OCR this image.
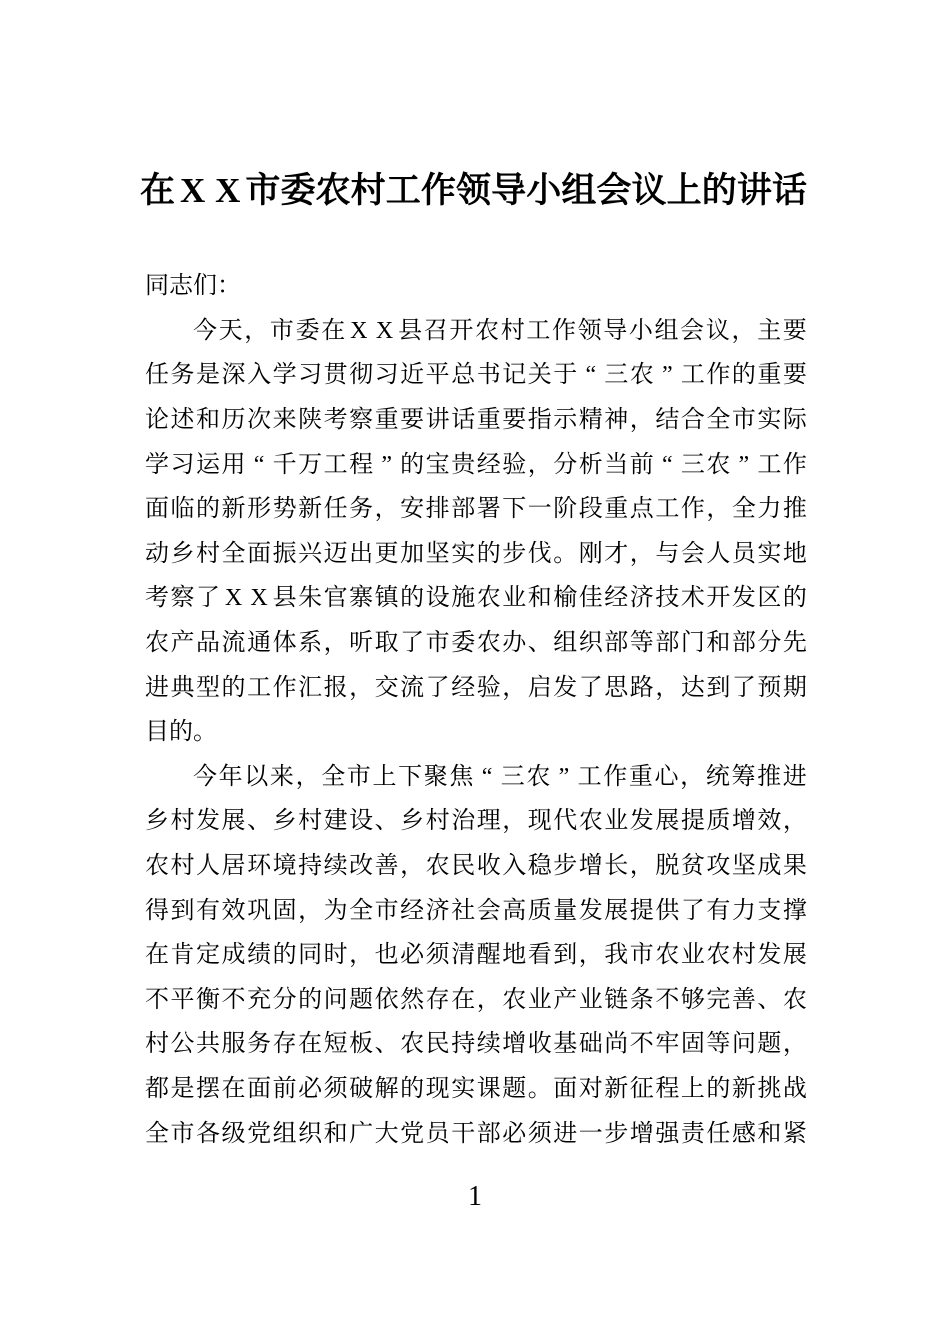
在 X X 市 委 农 村 工 作 领 导 小 组 会 议 上 的 讲 话
同 志 们 ：
今 天 ， 市 委 在 X X 县 召 开 农 村 工 作 领 导 小 组 会 议 ， 主 要
任 务 是 深 入 学 习 贯 彻 习 近 平 总 书 记 关 于 “ 三 农 ” 工 作 的 重 要
论 述 和 历 次 来 陕 考 察 重 要 讲 话 重 要 指 示 精 神 ， 结 合 全 市 实 际
学 习 运 用 “ 千 万 工 程 ” 的 宝 贵 经 验 ， 分 析 当 前 “ 三 农 ” 工 作
面 临 的 新 形 势 新 任 务 ， 安 排 部 署 下 一 阶 段 重 点 工 作 ， 全 力 推
动 乡 村 全 面 振 兴 迈 出 更 加 坚 实 的 步 伐 。 刚 才 ， 与 会 人 员 实 地
考 察 了 X X 县 朱 官 寨 镇 的 设 施 农 业 和 榆 佳 经 济 技 术 开 发 区 的
农 产 品 流 通 体 系 ， 听 取 了 市 委 农 办 、 组 织 部 等 部 门 和 部 分 先
进 典 型 的 工 作 汇 报 ， 交 流 了 经 验 ， 启 发 了 思 路 ， 达 到 了 预 期
目 的 。
今 年 以 来 ， 全 市 上 下 聚 焦 “ 三 农 ” 工 作 重 心 ， 统 筹 推 进
乡 村 发 展 、 乡 村 建 设 、 乡 村 治 理 ， 现 代 农 业 发 展 提 质 增 效 ，
农 村 人 居 环 境 持 续 改 善 ， 农 民 收 入 稳 步 增 长 ， 脱 贫 攻 坚 成 果
得 到 有 效 巩 固 ， 为 全 市 经 济 社 会 高 质 量 发 展 提 供 了 有 力 支 撑
在 肯 定 成 绩 的 同 时 ， 也 必 须 清 醒 地 看 到 ， 我 市 农 业 农 村 发 展
不 平 衡 不 充 分 的 问 题 依 然 存 在 ， 农 业 产 业 链 条 不 够 完 善 、 农
村 公 共 服 务 存 在 短 板 、 农 民 持 续 增 收 基 础 尚 不 牢 固 等 问 题 ，
都 是 摆 在 面 前 必 须 破 解 的 现 实 课 题 。 面 对 新 征 程 上 的 新 挑 战
全 市 各 级 党 组 织 和 广 大 党 员 干 部 必 须 进 一 步 增 强 责 任 感 和 紧
1
